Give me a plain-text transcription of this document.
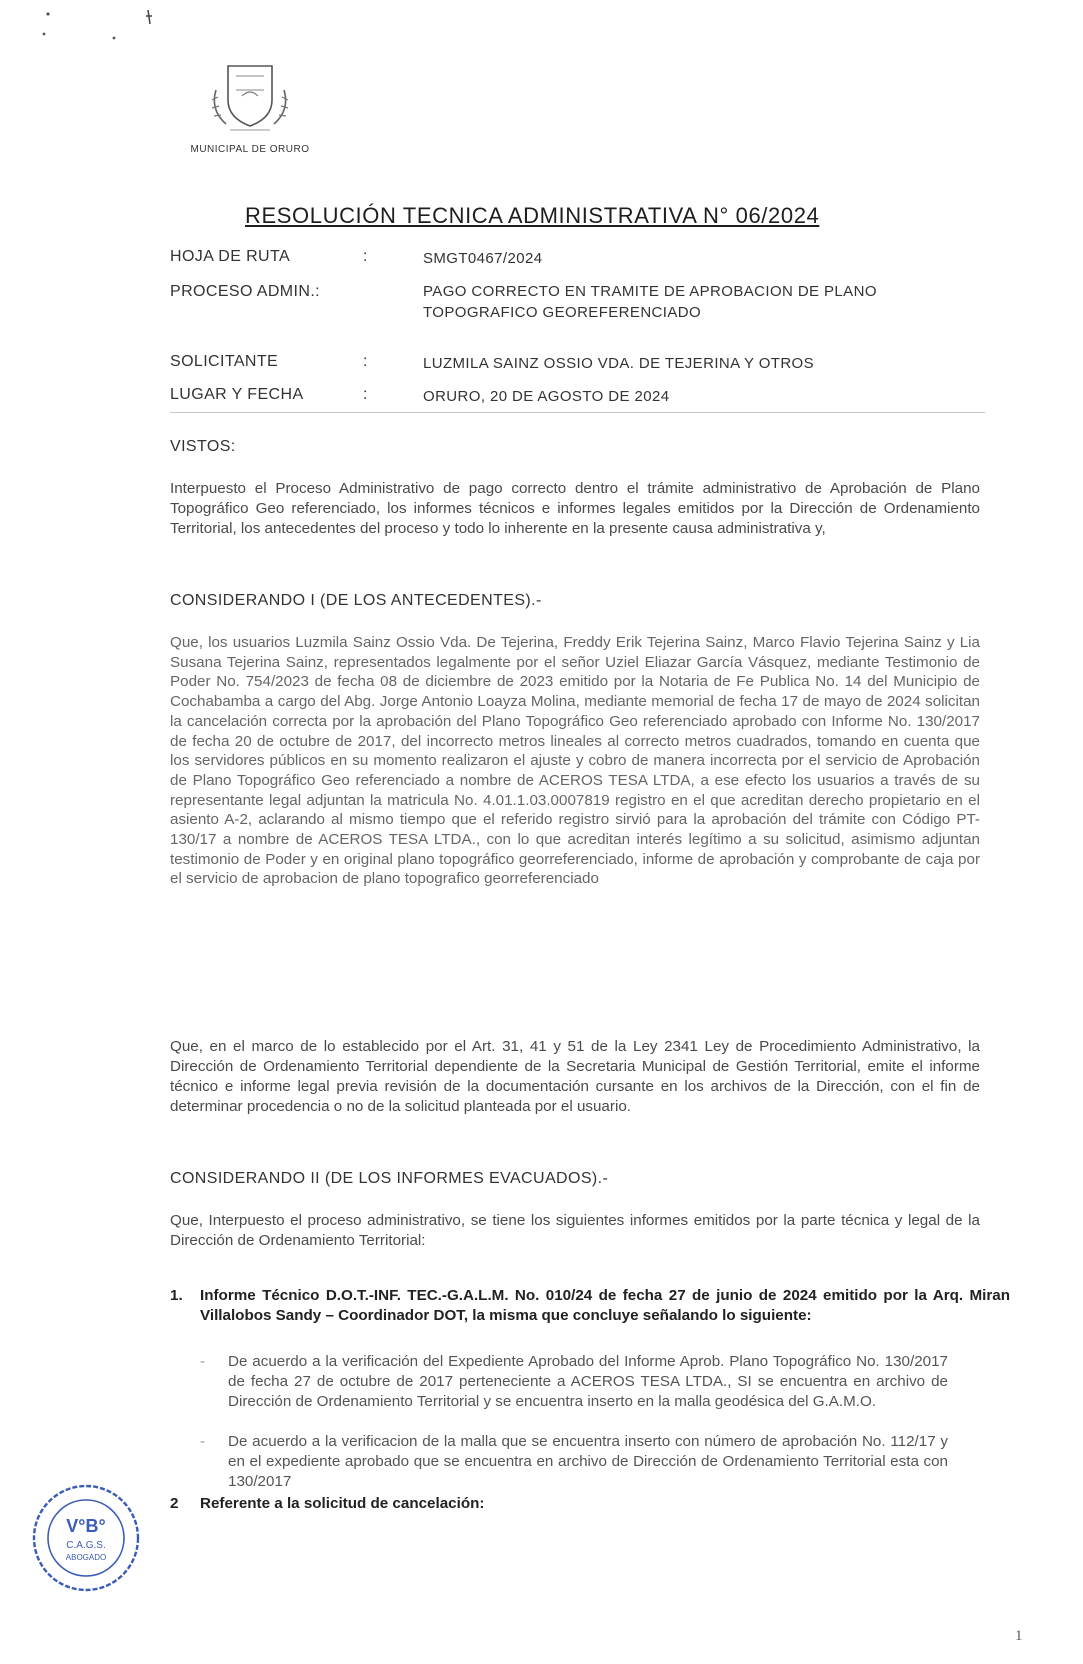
MUNICIPAL DE ORURO
RESOLUCIÓN TECNICA ADMINISTRATIVA N° 06/2024
HOJA DE RUTA	:	SMGT0467/2024
PROCESO ADMIN.:	PAGO CORRECTO EN TRAMITE DE APROBACION DE PLANO TOPOGRAFICO GEOREFERENCIADO
SOLICITANTE	:	LUZMILA SAINZ OSSIO VDA. DE TEJERINA Y OTROS
LUGAR Y FECHA	:	ORURO, 20 DE AGOSTO DE 2024
VISTOS:
Interpuesto el Proceso Administrativo de pago correcto dentro el trámite administrativo de Aprobación de Plano Topográfico Geo referenciado, los informes técnicos e informes legales emitidos por la Dirección de Ordenamiento Territorial, los antecedentes del proceso y todo lo inherente en la presente causa administrativa y,
CONSIDERANDO I (DE LOS ANTECEDENTES).-
Que, los usuarios Luzmila Sainz Ossio Vda. De Tejerina, Freddy Erik Tejerina Sainz, Marco Flavio Tejerina Sainz y Lia Susana Tejerina Sainz, representados legalmente por el señor Uziel Eliazar García Vásquez, mediante Testimonio de Poder No. 754/2023 de fecha 08 de diciembre de 2023 emitido por la Notaria de Fe Publica No. 14 del Municipio de Cochabamba a cargo del Abg. Jorge Antonio Loayza Molina, mediante memorial de fecha 17 de mayo de 2024 solicitan la cancelación correcta por la aprobación del Plano Topográfico Geo referenciado aprobado con Informe No. 130/2017 de fecha 20 de octubre de 2017, del incorrecto metros lineales al correcto metros cuadrados, tomando en cuenta que los servidores públicos en su momento realizaron el ajuste y cobro de manera incorrecta por el servicio de Aprobación de Plano Topográfico Geo referenciado a nombre de ACEROS TESA LTDA, a ese efecto los usuarios a través de su representante legal adjuntan la matricula No. 4.01.1.03.0007819 registro en el que acreditan derecho propietario en el asiento A-2, aclarando al mismo tiempo que el referido registro sirvió para la aprobación del trámite con Código PT-130/17 a nombre de ACEROS TESA LTDA., con lo que acreditan interés legítimo a su solicitud, asimismo adjuntan testimonio de Poder y en original plano topográfico georreferenciado, informe de aprobación y comprobante de caja por el servicio de aprobacion de plano topografico georreferenciado
Que, en el marco de lo establecido por el Art. 31, 41 y 51 de la Ley 2341 Ley de Procedimiento Administrativo, la Dirección de Ordenamiento Territorial dependiente de la Secretaria Municipal de Gestión Territorial, emite el informe técnico e informe legal previa revisión de la documentación cursante en los archivos de la Dirección, con el fin de determinar procedencia o no de la solicitud planteada por el usuario.
CONSIDERANDO II (DE LOS INFORMES EVACUADOS).-
Que, Interpuesto el proceso administrativo, se tiene los siguientes informes emitidos por la parte técnica y legal de la Dirección de Ordenamiento Territorial:
1. Informe Técnico D.O.T.-INF. TEC.-G.A.L.M. No. 010/24 de fecha 27 de junio de 2024 emitido por la Arq. Miran Villalobos Sandy – Coordinador DOT, la misma que concluye señalando lo siguiente:
- De acuerdo a la verificación del Expediente Aprobado del Informe Aprob. Plano Topográfico No. 130/2017 de fecha 27 de octubre de 2017 perteneciente a ACEROS TESA LTDA., SI se encuentra en archivo de Dirección de Ordenamiento Territorial y se encuentra inserto en la malla geodésica del G.A.M.O.
- De acuerdo a la verificacion de la malla que se encuentra inserto con número de aprobación No. 112/17 y en el expediente aprobado que se encuentra en archivo de Dirección de Ordenamiento Territorial esta con 130/2017
2 Referente a la solicitud de cancelación:
V°B°
C.A.G.S.
ABOGADO
1
